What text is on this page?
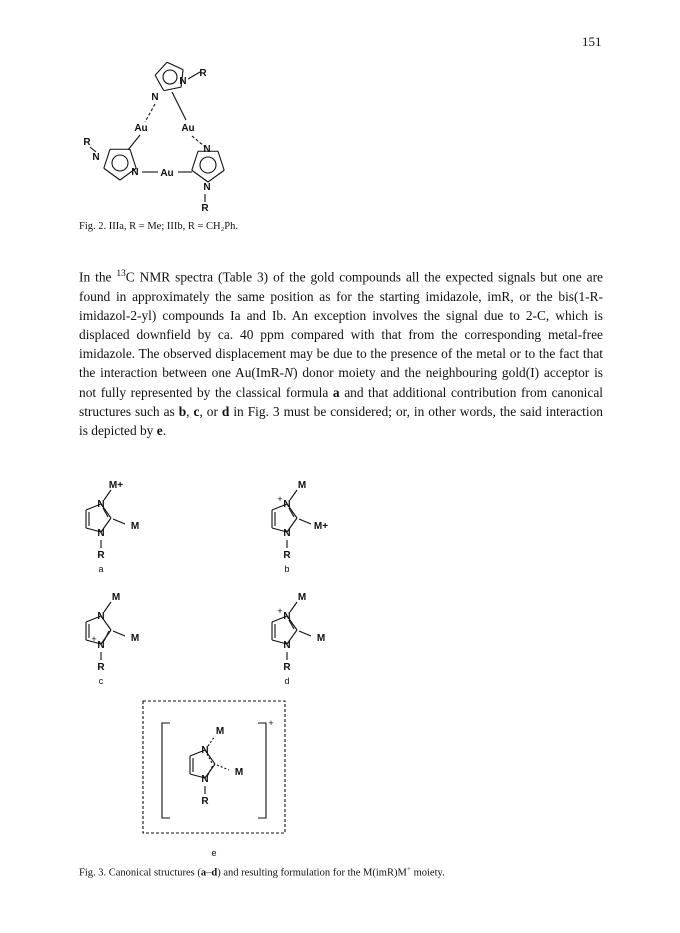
151
N
R
N
Au	Au
N
N
R
Au
N
N
R
N
N
R
M+
M
a
N
N
R
M
M+
+
b
N
N
R
M
M
+
c
N
N
R
M
M
+
d
+
N
N
R
M
M
e
Fig. 2. IIIa, R = Me; IIIb, R = CH₂Ph.
In the $^{13}$C NMR spectra (Table 3) of the gold compounds all the expected signals but one are found in approximately the same position as for the starting imidazole, imR, or the bis(1-R-imidazol-2-yl) compounds Ia and Ib. An exception involves the signal due to 2-C, which is displaced downfield by ca. 40 ppm compared with that from the corresponding metal-free imidazole. The observed displacement may be due to the presence of the metal or to the fact that the interaction between one Au(ImR-N) donor moiety and the neighbouring gold(I) acceptor is not fully represented by the classical formula a and that additional contribution from canonical structures such as b, c, or d in Fig. 3 must be considered; or, in other words, the said interaction is depicted by e.
Fig. 3. Canonical structures (a–d) and resulting formulation for the M(imR)M+ moiety.
